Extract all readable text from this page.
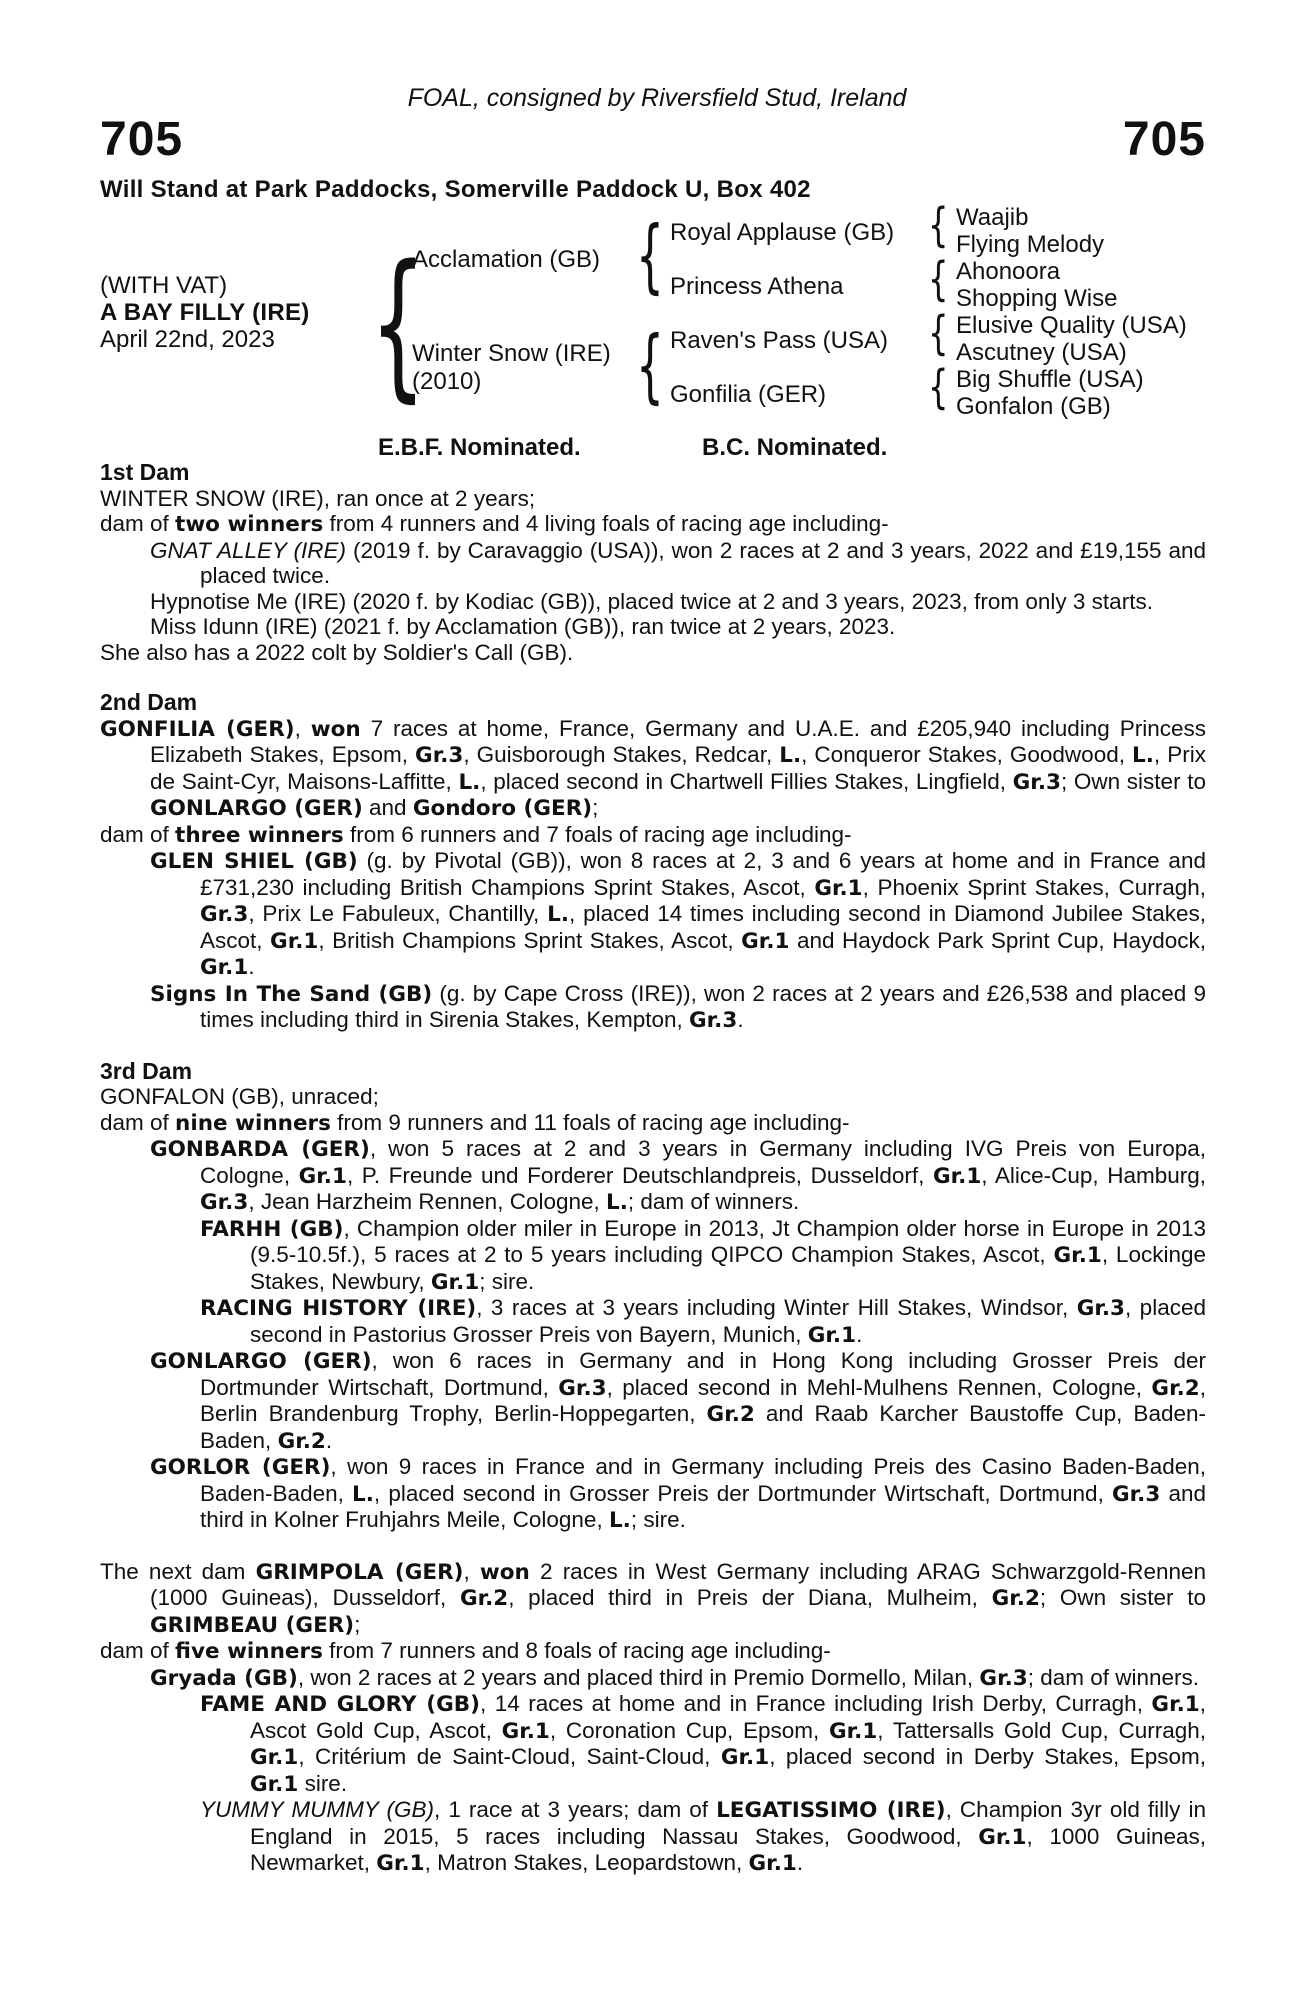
FOAL, consigned by Riversfield Stud, Ireland
705	705
Will Stand at Park Paddocks, Somerville Paddock U, Box 402
(WITH VAT)
A BAY FILLY (IRE)
April 22nd, 2023 {
Acclamation (GB)
Winter Snow (IRE)
(2010)
{
{
Royal Applause (GB)
Princess Athena
Raven's Pass (USA)
Gonfilia (GER)
{
{
{
{
Waajib
Flying Melody
Ahonoora
Shopping Wise
Elusive Quality (USA)
Ascutney (USA)
Big Shuffle (USA)
Gonfalon (GB)
E.B.F. Nominated.	B.C. Nominated.

1st Dam

WINTER SNOW (IRE), ran once at 2 years;

dam of two winners from 4 runners and 4 living foals of racing age including-

GNAT ALLEY (IRE) (2019 f. by Caravaggio (USA)), won 2 races at 2 and 3 years, 2022 and £19,155 and placed twice.

Hypnotise Me (IRE) (2020 f. by Kodiac (GB)), placed twice at 2 and 3 years, 2023, from only 3 starts.

Miss Idunn (IRE) (2021 f. by Acclamation (GB)), ran twice at 2 years, 2023.

She also has a 2022 colt by Soldier's Call (GB).

2nd Dam

GONFILIA (GER), won 7 races at home, France, Germany and U.A.E. and £205,940 including Princess Elizabeth Stakes, Epsom, Gr.3, Guisborough Stakes, Redcar, L., Conqueror Stakes, Goodwood, L., Prix de Saint-Cyr, Maisons-Laffitte, L., placed second in Chartwell Fillies Stakes, Lingfield, Gr.3; Own sister to GONLARGO (GER) and Gondoro (GER);

dam of three winners from 6 runners and 7 foals of racing age including-

GLEN SHIEL (GB) (g. by Pivotal (GB)), won 8 races at 2, 3 and 6 years at home and in France and £731,230 including British Champions Sprint Stakes, Ascot, Gr.1, Phoenix Sprint Stakes, Curragh, Gr.3, Prix Le Fabuleux, Chantilly, L., placed 14 times including second in Diamond Jubilee Stakes, Ascot, Gr.1, British Champions Sprint Stakes, Ascot, Gr.1 and Haydock Park Sprint Cup, Haydock, Gr.1.

Signs In The Sand (GB) (g. by Cape Cross (IRE)), won 2 races at 2 years and £26,538 and placed 9 times including third in Sirenia Stakes, Kempton, Gr.3.

3rd Dam

GONFALON (GB), unraced;

dam of nine winners from 9 runners and 11 foals of racing age including-

GONBARDA (GER), won 5 races at 2 and 3 years in Germany including IVG Preis von Europa, Cologne, Gr.1, P. Freunde und Forderer Deutschlandpreis, Dusseldorf, Gr.1, Alice-Cup, Hamburg, Gr.3, Jean Harzheim Rennen, Cologne, L.; dam of winners.

FARHH (GB), Champion older miler in Europe in 2013, Jt Champion older horse in Europe in 2013 (9.5-10.5f.), 5 races at 2 to 5 years including QIPCO Champion Stakes, Ascot, Gr.1, Lockinge Stakes, Newbury, Gr.1; sire.

RACING HISTORY (IRE), 3 races at 3 years including Winter Hill Stakes, Windsor, Gr.3, placed second in Pastorius Grosser Preis von Bayern, Munich, Gr.1.

GONLARGO (GER), won 6 races in Germany and in Hong Kong including Grosser Preis der Dortmunder Wirtschaft, Dortmund, Gr.3, placed second in Mehl-Mulhens Rennen, Cologne, Gr.2, Berlin Brandenburg Trophy, Berlin-Hoppegarten, Gr.2 and Raab Karcher Baustoffe Cup, Baden-Baden, Gr.2.

GORLOR (GER), won 9 races in France and in Germany including Preis des Casino Baden-Baden, Baden-Baden, L., placed second in Grosser Preis der Dortmunder Wirtschaft, Dortmund, Gr.3 and third in Kolner Fruhjahrs Meile, Cologne, L.; sire.

The next dam GRIMPOLA (GER), won 2 races in West Germany including ARAG Schwarzgold-Rennen (1000 Guineas), Dusseldorf, Gr.2, placed third in Preis der Diana, Mulheim, Gr.2; Own sister to GRIMBEAU (GER);

dam of five winners from 7 runners and 8 foals of racing age including-

Gryada (GB), won 2 races at 2 years and placed third in Premio Dormello, Milan, Gr.3; dam of winners.

FAME AND GLORY (GB), 14 races at home and in France including Irish Derby, Curragh, Gr.1, Ascot Gold Cup, Ascot, Gr.1, Coronation Cup, Epsom, Gr.1, Tattersalls Gold Cup, Curragh, Gr.1, Critérium de Saint-Cloud, Saint-Cloud, Gr.1, placed second in Derby Stakes, Epsom, Gr.1 sire.

YUMMY MUMMY (GB), 1 race at 3 years; dam of LEGATISSIMO (IRE), Champion 3yr old filly in England in 2015, 5 races including Nassau Stakes, Goodwood, Gr.1, 1000 Guineas, Newmarket, Gr.1, Matron Stakes, Leopardstown, Gr.1.
